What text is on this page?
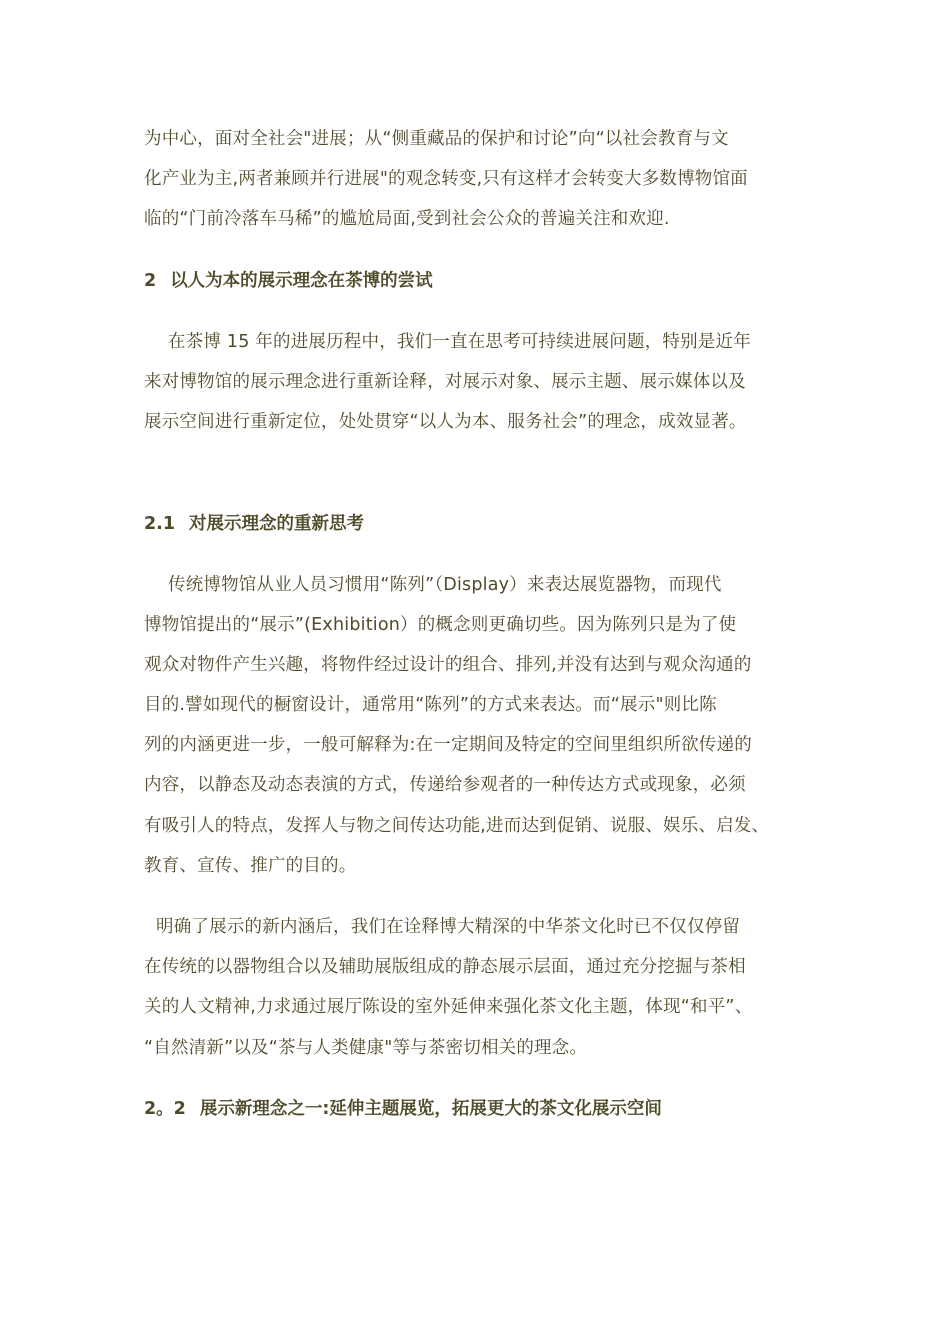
为中心，面对全社会"进展；从“侧重藏品的保护和讨论”向“以社会教育与文
化产业为主,两者兼顾并行进展"的观念转变,只有这样才会转变大多数博物馆面
临的“门前冷落车马稀”的尴尬局面,受到社会公众的普遍关注和欢迎.
2 以人为本的展示理念在茶博的尝试
在茶博 15 年的进展历程中，我们一直在思考可持续进展问题，特别是近年
来对博物馆的展示理念进行重新诠释，对展示对象、展示主题、展示媒体以及
展示空间进行重新定位，处处贯穿“以人为本、服务社会”的理念，成效显著。
2.1 对展示理念的重新思考
传统博物馆从业人员习惯用“陈列”（Display）来表达展览器物，而现代
博物馆提出的“展示”(Exhibition）的概念则更确切些。因为陈列只是为了使
观众对物件产生兴趣，将物件经过设计的组合、排列,并没有达到与观众沟通的
目的.譬如现代的橱窗设计，通常用“陈列”的方式来表达。而“展示"则比陈
列的内涵更进一步，一般可解释为:在一定期间及特定的空间里组织所欲传递的
内容，以静态及动态表演的方式，传递给参观者的一种传达方式或现象，必须
有吸引人的特点，发挥人与物之间传达功能,进而达到促销、说服、娱乐、启发、
教育、宣传、推广的目的。
明确了展示的新内涵后，我们在诠释博大精深的中华茶文化时已不仅仅停留
在传统的以器物组合以及辅助展版组成的静态展示层面，通过充分挖掘与茶相
关的人文精神,力求通过展厅陈设的室外延伸来强化茶文化主题，体现“和平”、
“自然清新”以及“茶与人类健康"等与茶密切相关的理念。
2。2 展示新理念之一:延伸主题展览，拓展更大的茶文化展示空间
